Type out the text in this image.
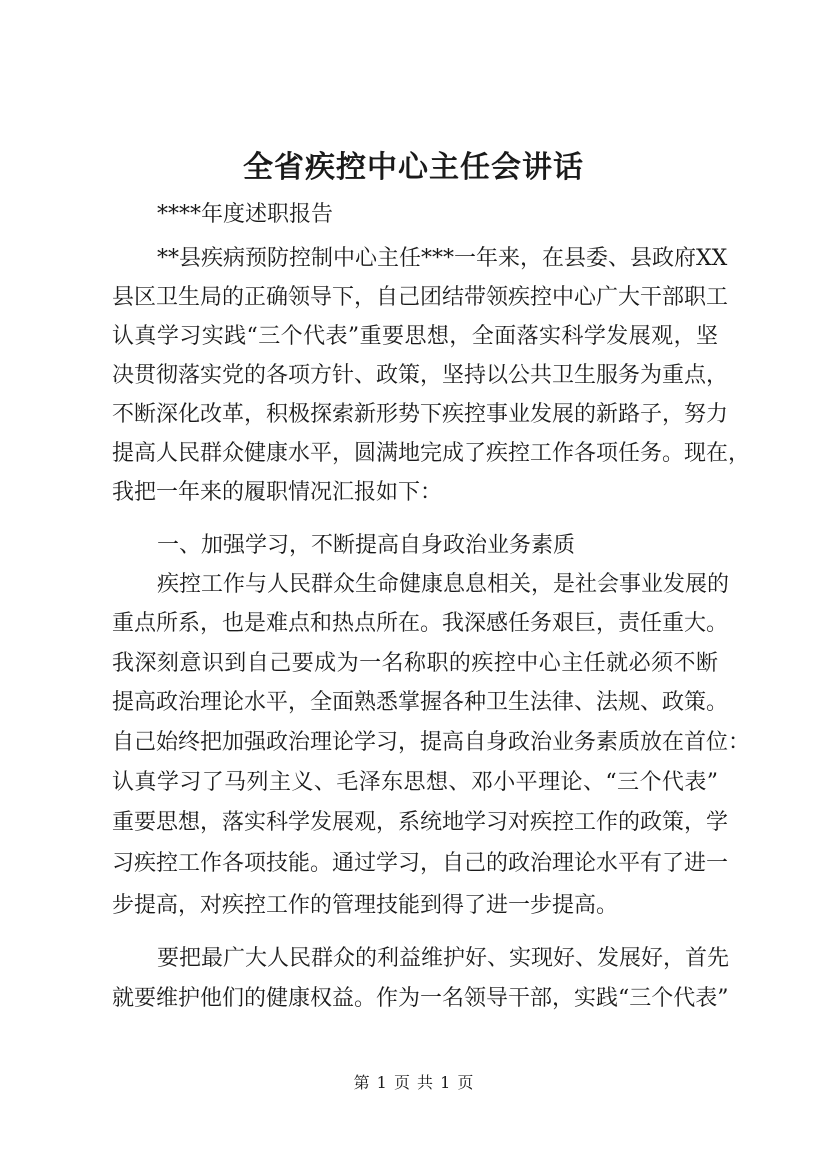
全省疾控中心主任会讲话
****年度述职报告
**县疾病预防控制中心主任***一年来，在县委、县政府XX
县区卫生局的正确领导下，自己团结带领疾控中心广大干部职工
认真学习实践“三个代表”重要思想，全面落实科学发展观，坚
决贯彻落实党的各项方针、政策，坚持以公共卫生服务为重点，
不断深化改革，积极探索新形势下疾控事业发展的新路子，努力
提高人民群众健康水平，圆满地完成了疾控工作各项任务。现在，
我把一年来的履职情况汇报如下：
一、加强学习，不断提高自身政治业务素质
疾控工作与人民群众生命健康息息相关，是社会事业发展的
重点所系，也是难点和热点所在。我深感任务艰巨，责任重大。
我深刻意识到自己要成为一名称职的疾控中心主任就必须不断
提高政治理论水平，全面熟悉掌握各种卫生法律、法规、政策。
自己始终把加强政治理论学习，提高自身政治业务素质放在首位：
认真学习了马列主义、毛泽东思想、邓小平理论、“三个代表”
重要思想，落实科学发展观，系统地学习对疾控工作的政策，学
习疾控工作各项技能。通过学习，自己的政治理论水平有了进一
步提高，对疾控工作的管理技能到得了进一步提高。
要把最广大人民群众的利益维护好、实现好、发展好，首先
就要维护他们的健康权益。作为一名领导干部，实践“三个代表”
第 1 页 共 1 页
